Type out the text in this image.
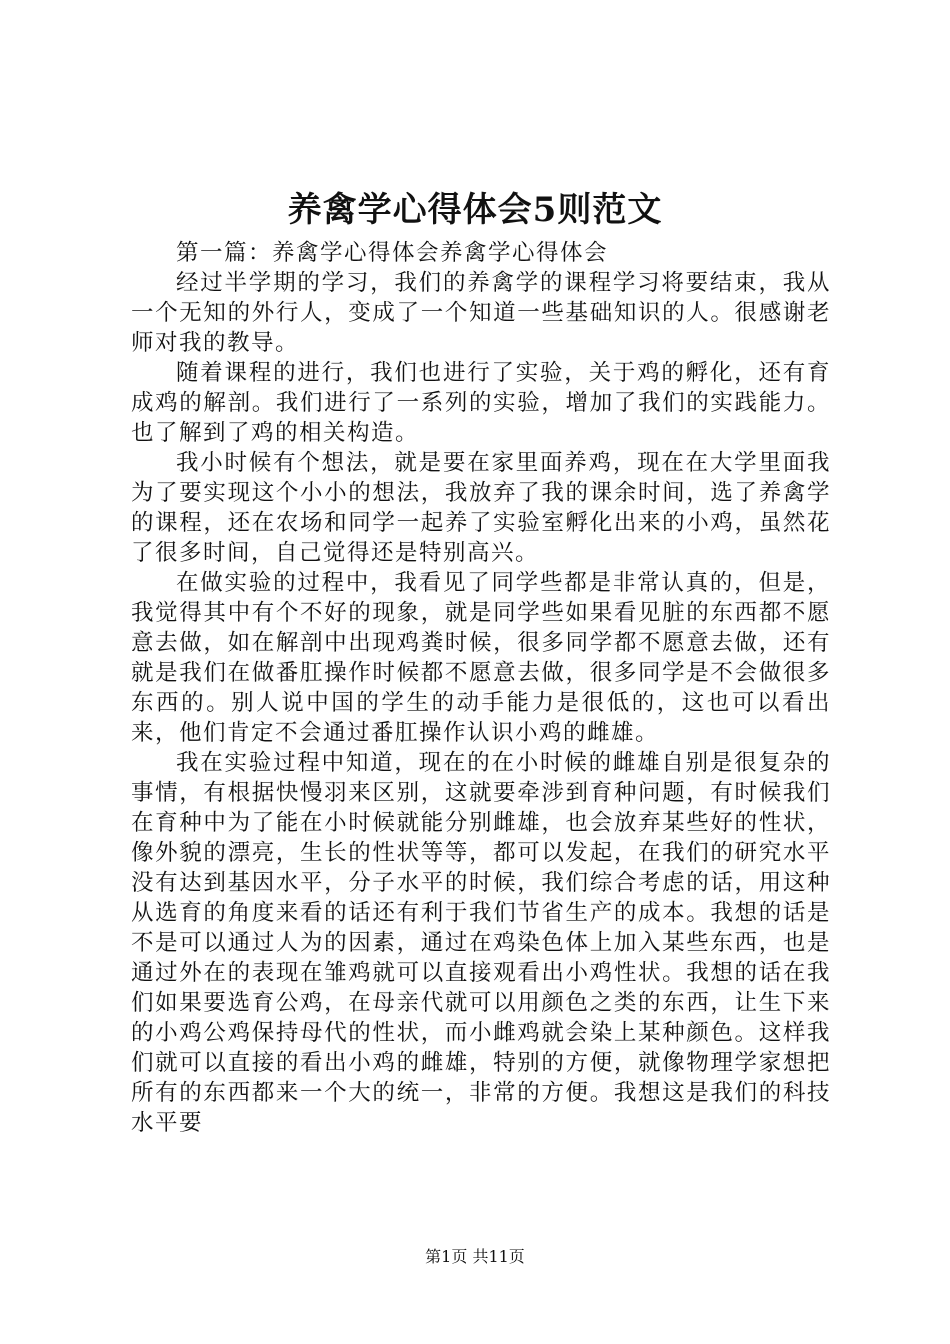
养禽学心得体会5则范文

第一篇：养禽学心得体会养禽学心得体会

经过半学期的学习，我们的养禽学的课程学习将要结束，我从一个无知的外行人，变成了一个知道一些基础知识的人。很感谢老师对我的教导。

随着课程的进行，我们也进行了实验，关于鸡的孵化，还有育成鸡的解剖。我们进行了一系列的实验，增加了我们的实践能力。也了解到了鸡的相关构造。

我小时候有个想法，就是要在家里面养鸡，现在在大学里面我为了要实现这个小小的想法，我放弃了我的课余时间，选了养禽学的课程，还在农场和同学一起养了实验室孵化出来的小鸡，虽然花了很多时间，自己觉得还是特别高兴。

在做实验的过程中，我看见了同学些都是非常认真的，但是，我觉得其中有个不好的现象，就是同学些如果看见脏的东西都不愿意去做，如在解剖中出现鸡粪时候，很多同学都不愿意去做，还有就是我们在做番肛操作时候都不愿意去做，很多同学是不会做很多东西的。别人说中国的学生的动手能力是很低的，这也可以看出来，他们肯定不会通过番肛操作认识小鸡的雌雄。

我在实验过程中知道，现在的在小时候的雌雄自别是很复杂的事情，有根据快慢羽来区别，这就要牵涉到育种问题，有时候我们在育种中为了能在小时候就能分别雌雄，也会放弃某些好的性状，像外貌的漂亮，生长的性状等等，都可以发起，在我们的研究水平没有达到基因水平，分子水平的时候，我们综合考虑的话，用这种从选育的角度来看的话还有利于我们节省生产的成本。我想的话是不是可以通过人为的因素，通过在鸡染色体上加入某些东西，也是通过外在的表现在雏鸡就可以直接观看出小鸡性状。我想的话在我们如果要选育公鸡，在母亲代就可以用颜色之类的东西，让生下来的小鸡公鸡保持母代的性状，而小雌鸡就会染上某种颜色。这样我们就可以直接的看出小鸡的雌雄，特别的方便，就像物理学家想把所有的东西都来一个大的统一，非常的方便。我想这是我们的科技水平要

第1页 共11页
